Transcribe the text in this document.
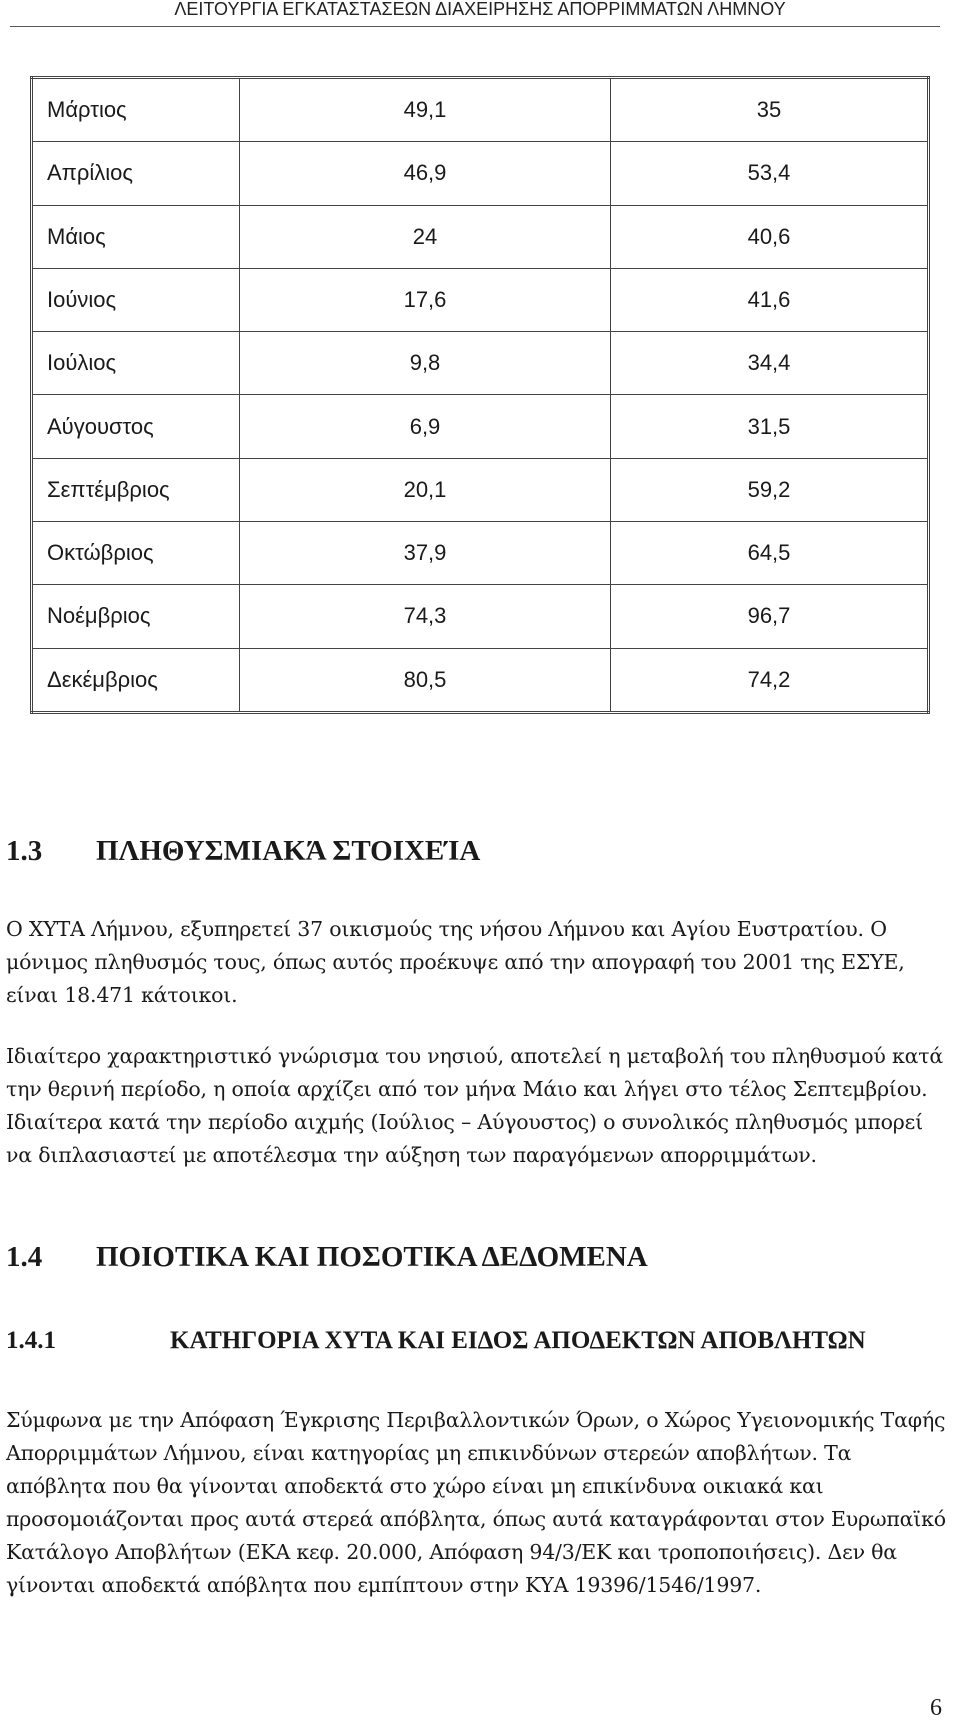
ΛΕΙΤΟΥΡΓΙΑ ΕΓΚΑΤΑΣΤΑΣΕΩΝ ΔΙΑΧΕΙΡΗΣΗΣ ΑΠΟΡΡΙΜΜΑΤΩΝ ΛΗΜΝΟΥ
Μάρτιος	49,1	35
Απρίλιος	46,9	53,4
Μάιος	24	40,6
Ιούνιος	17,6	41,6
Ιούλιος	9,8	34,4
Αύγουστος	6,9	31,5
Σεπτέμβριος	20,1	59,2
Οκτώβριος	37,9	64,5
Νοέμβριος	74,3	96,7
Δεκέμβριος	80,5	74,2
1.3 ΠΛΗΘΥΣΜΙΑΚΆ ΣΤΟΙΧΕΊΑ

Ο ΧΥΤΑ Λήμνου, εξυπηρετεί 37 οικισμούς της νήσου Λήμνου και Αγίου Ευστρατίου. Ο μόνιμος πληθυσμός τους, όπως αυτός προέκυψε από την απογραφή του 2001 της ΕΣΥΕ, είναι 18.471 κάτοικοι.

Ιδιαίτερο χαρακτηριστικό γνώρισμα του νησιού, αποτελεί η μεταβολή του πληθυσμού κατά την θερινή περίοδο, η οποία αρχίζει από τον μήνα Μάιο και λήγει στο τέλος Σεπτεμβρίου. Ιδιαίτερα κατά την περίοδο αιχμής (Ιούλιος – Αύγουστος) ο συνολικός πληθυσμός μπορεί να διπλασιαστεί με αποτέλεσμα την αύξηση των παραγόμενων απορριμμάτων.

1.4 ΠΟΙΟΤΙΚΑ ΚΑΙ ΠΟΣΟΤΙΚΑ ΔΕΔΟΜΕΝΑ
1.4.1	ΚΑΤΗΓΟΡΙΑ ΧΥΤΑ ΚΑΙ ΕΙΔΟΣ ΑΠΟΔΕΚΤΩΝ ΑΠΟΒΛΗΤΩΝ

Σύμφωνα με την Απόφαση Έγκρισης Περιβαλλοντικών Όρων, ο Χώρος Υγειονομικής Ταφής Απορριμμάτων Λήμνου, είναι κατηγορίας μη επικινδύνων στερεών αποβλήτων. Τα απόβλητα που θα γίνονται αποδεκτά στο χώρο είναι μη επικίνδυνα οικιακά και προσομοιάζονται προς αυτά στερεά απόβλητα, όπως αυτά καταγράφονται στον Ευρωπαϊκό Κατάλογο Αποβλήτων (ΕΚΑ κεφ. 20.000, Απόφαση 94/3/ΕΚ και τροποποιήσεις). Δεν θα γίνονται αποδεκτά απόβλητα που εμπίπτουν στην ΚΥΑ 19396/1546/1997.

6
